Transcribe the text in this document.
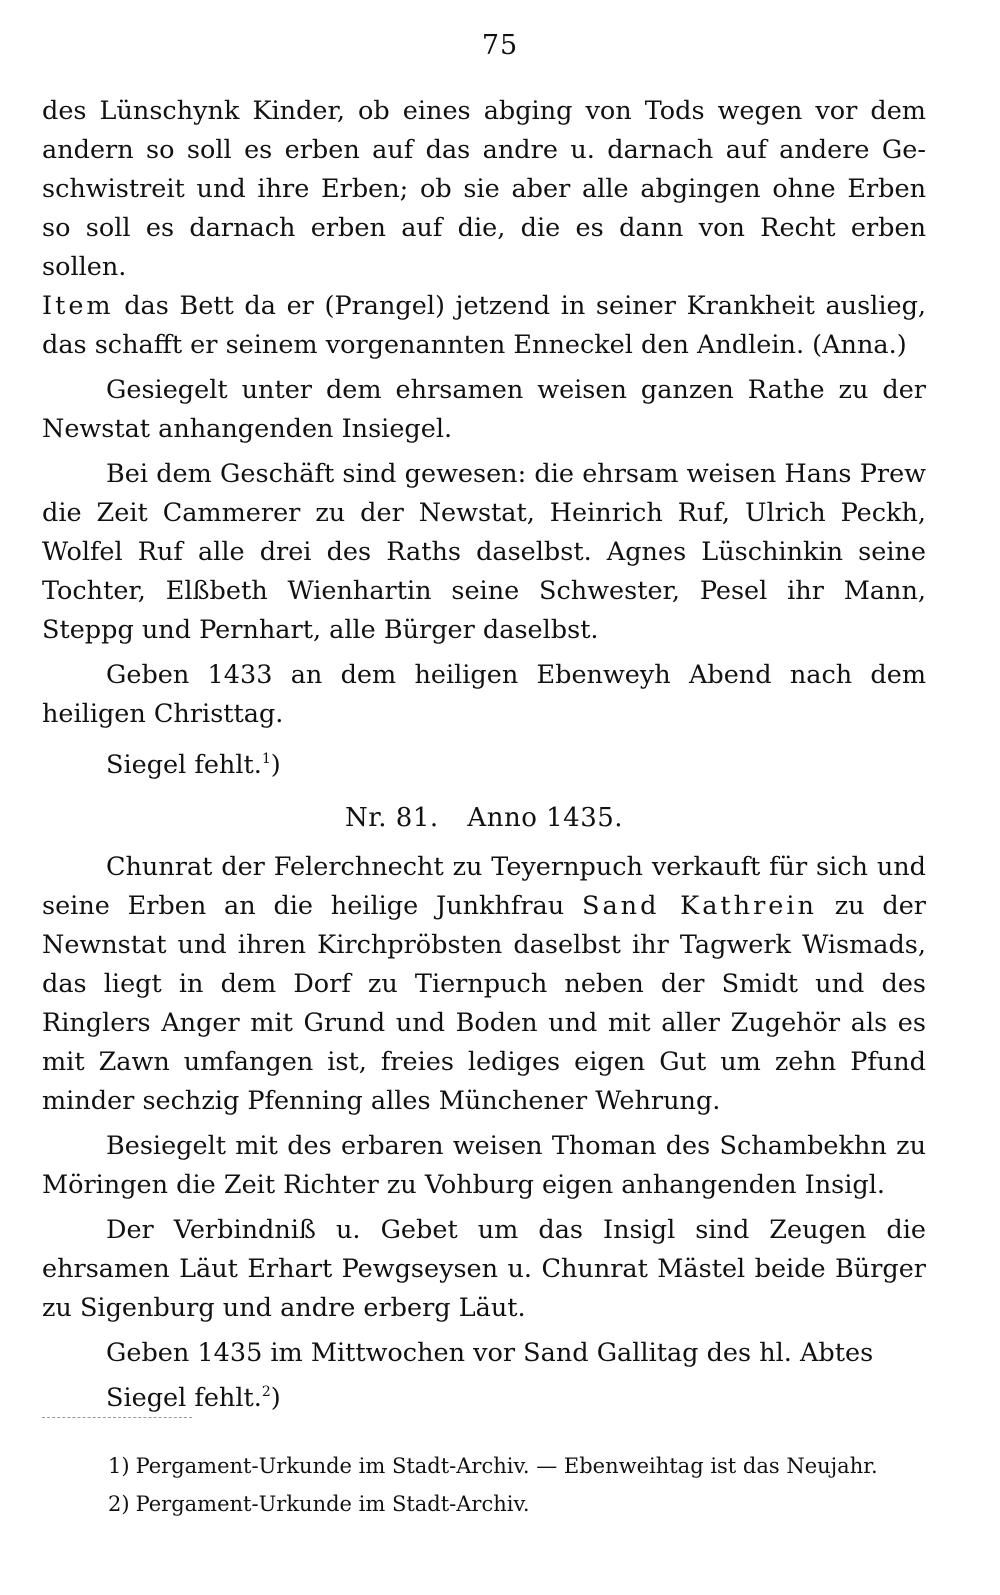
75
des Lünschynk Kinder, ob eines abging von Tods wegen vor dem
andern so soll es erben auf das andre u. darnach auf andere Ge-
schwistreit und ihre Erben; ob sie aber alle abgingen ohne Erben
so soll es darnach erben auf die, die es dann von Recht erben sollen.
Item das Bett da er (Prangel) jetzend in seiner Krankheit auslieg,
das schafft er seinem vorgenannten Enneckel den Andlein. (Anna.)

Gesiegelt unter dem ehrsamen weisen ganzen Rathe zu der Newstat anhangenden Insiegel.

Bei dem Geschäft sind gewesen: die ehrsam weisen Hans Prew die Zeit Cammerer zu der Newstat, Heinrich Ruf, Ulrich Peckh, Wolfel Ruf alle drei des Raths daselbst. Agnes Lüschinkin seine Tochter, Elßbeth Wienhartin seine Schwester, Pesel ihr Mann, Steppg und Pernhart, alle Bürger daselbst.

Geben 1433 an dem heiligen Ebenweyh Abend nach dem heiligen Christtag.

Siegel fehlt.$^1$)

Nr. 81. Anno 1435.

Chunrat der Felerchnecht zu Teyernpuch verkauft für sich und seine Erben an die heilige Junkhfrau Sand Kathrein zu der Newnstat und ihren Kirchpröbsten daselbst ihr Tagwerk Wismads, das liegt in dem Dorf zu Tiernpuch neben der Smidt und des Ringlers Anger mit Grund und Boden und mit aller Zugehör als es mit Zawn umfangen ist, freies lediges eigen Gut um zehn Pfund minder sechzig Pfenning alles Münchener Wehrung.

Besiegelt mit des erbaren weisen Thoman des Schambekhn zu Möringen die Zeit Richter zu Vohburg eigen anhangenden Insigl.

Der Verbindniß u. Gebet um das Insigl sind Zeugen die ehrsamen Läut Erhart Pewgseysen u. Chunrat Mästel beide Bürger zu Sigenburg und andre erberg Läut.

Geben 1435 im Mittwochen vor Sand Gallitag des hl. Abtes

Siegel fehlt.$^2$)

1) Pergament-Urkunde im Stadt-Archiv. — Ebenweihtag ist das Neujahr.
2) Pergament-Urkunde im Stadt-Archiv.
